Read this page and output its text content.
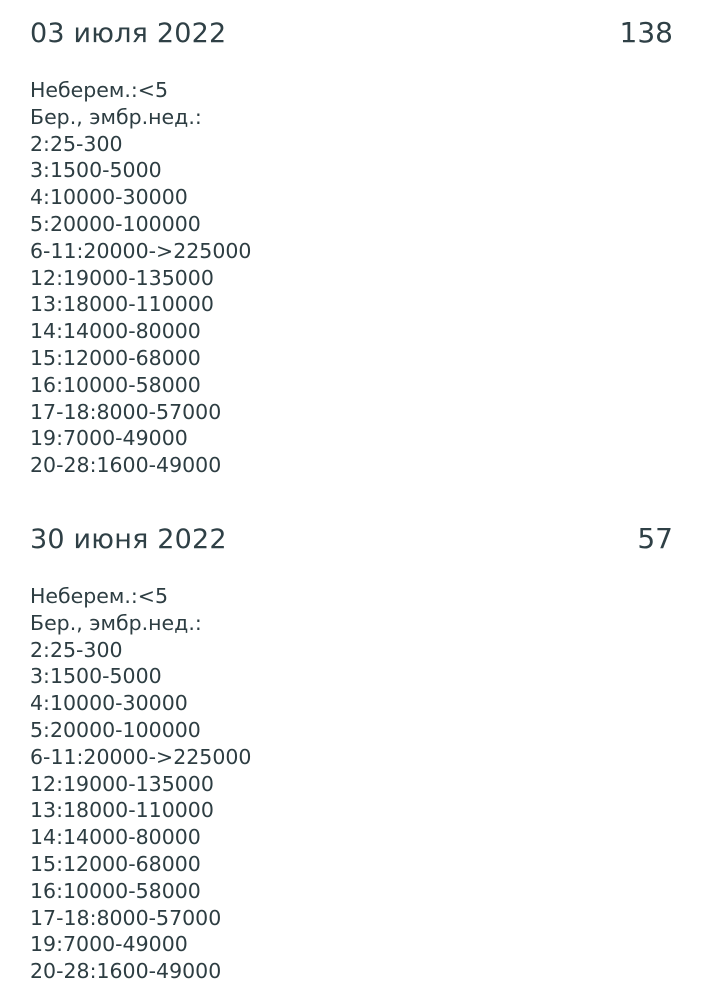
03 июля 2022	138
Неберем.:<5
Бер., эмбр.нед.:
2:25-300
3:1500-5000
4:10000-30000
5:20000-100000
6-11:20000->225000
12:19000-135000
13:18000-110000
14:14000-80000
15:12000-68000
16:10000-58000
17-18:8000-57000
19:7000-49000
20-28:1600-49000
30 июня 2022	57
Неберем.:<5
Бер., эмбр.нед.:
2:25-300
3:1500-5000
4:10000-30000
5:20000-100000
6-11:20000->225000
12:19000-135000
13:18000-110000
14:14000-80000
15:12000-68000
16:10000-58000
17-18:8000-57000
19:7000-49000
20-28:1600-49000
